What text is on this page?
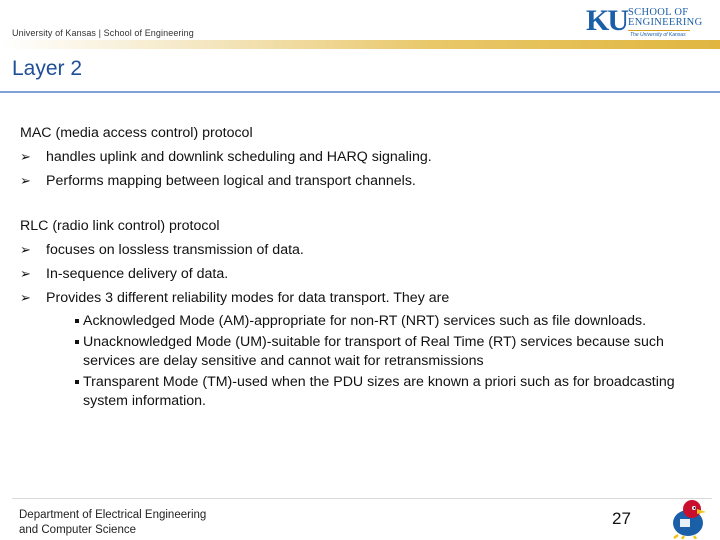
University of Kansas | School of Engineering	KU SCHOOL OF
ENGINEERING
The University of Kansas
Layer 2
MAC (media access control) protocol
➢	handles uplink and downlink scheduling and HARQ signaling.
➢	Performs mapping between logical and transport channels.
RLC (radio link control) protocol
➢	focuses on lossless transmission of data.
➢	In-sequence delivery of data.
➢	Provides 3 different reliability modes for data transport. They are
Acknowledged Mode (AM)-appropriate for non-RT (NRT) services such as file downloads.
Unacknowledged Mode (UM)-suitable for transport of Real Time (RT) services because such services are delay sensitive and cannot wait for retransmissions
Transparent Mode (TM)-used when the PDU sizes are known a priori such as for broadcasting system information.
Department of Electrical Engineering
and Computer Science
27
